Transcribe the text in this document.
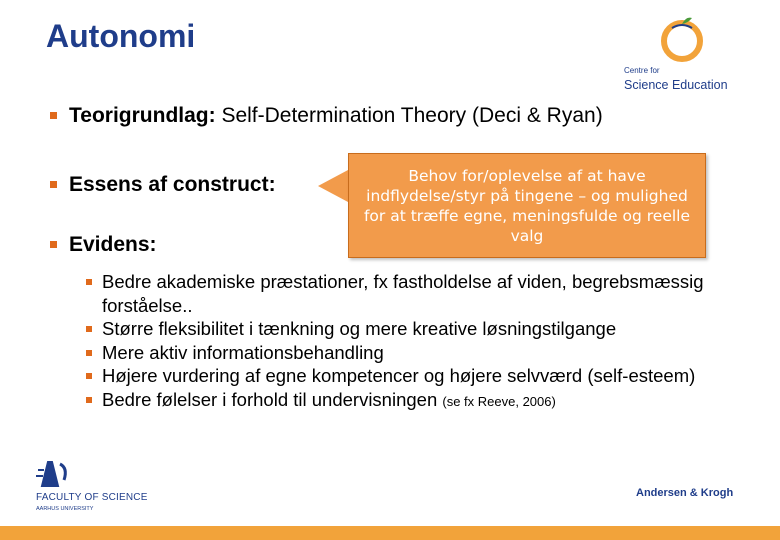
Autonomi
Centre for
Science Education
Teorigrundlag: Self-Determination Theory (Deci & Ryan)
Essens af construct:
Evidens:
Behov for/oplevelse af at have indflydelse/styr på tingene – og mulighed for at træffe egne, meningsfulde og reelle valg
Bedre akademiske præstationer, fx fastholdelse af viden, begrebsmæssig forståelse..
Større fleksibilitet i tænkning og mere kreative løsningstilgange
Mere aktiv informationsbehandling
Højere vurdering af egne kompetencer og højere selvværd (self-esteem)
Bedre følelser i forhold til undervisningen (se fx Reeve, 2006)
FACULTY OF SCIENCE
AARHUS UNIVERSITY
Andersen & Krogh
